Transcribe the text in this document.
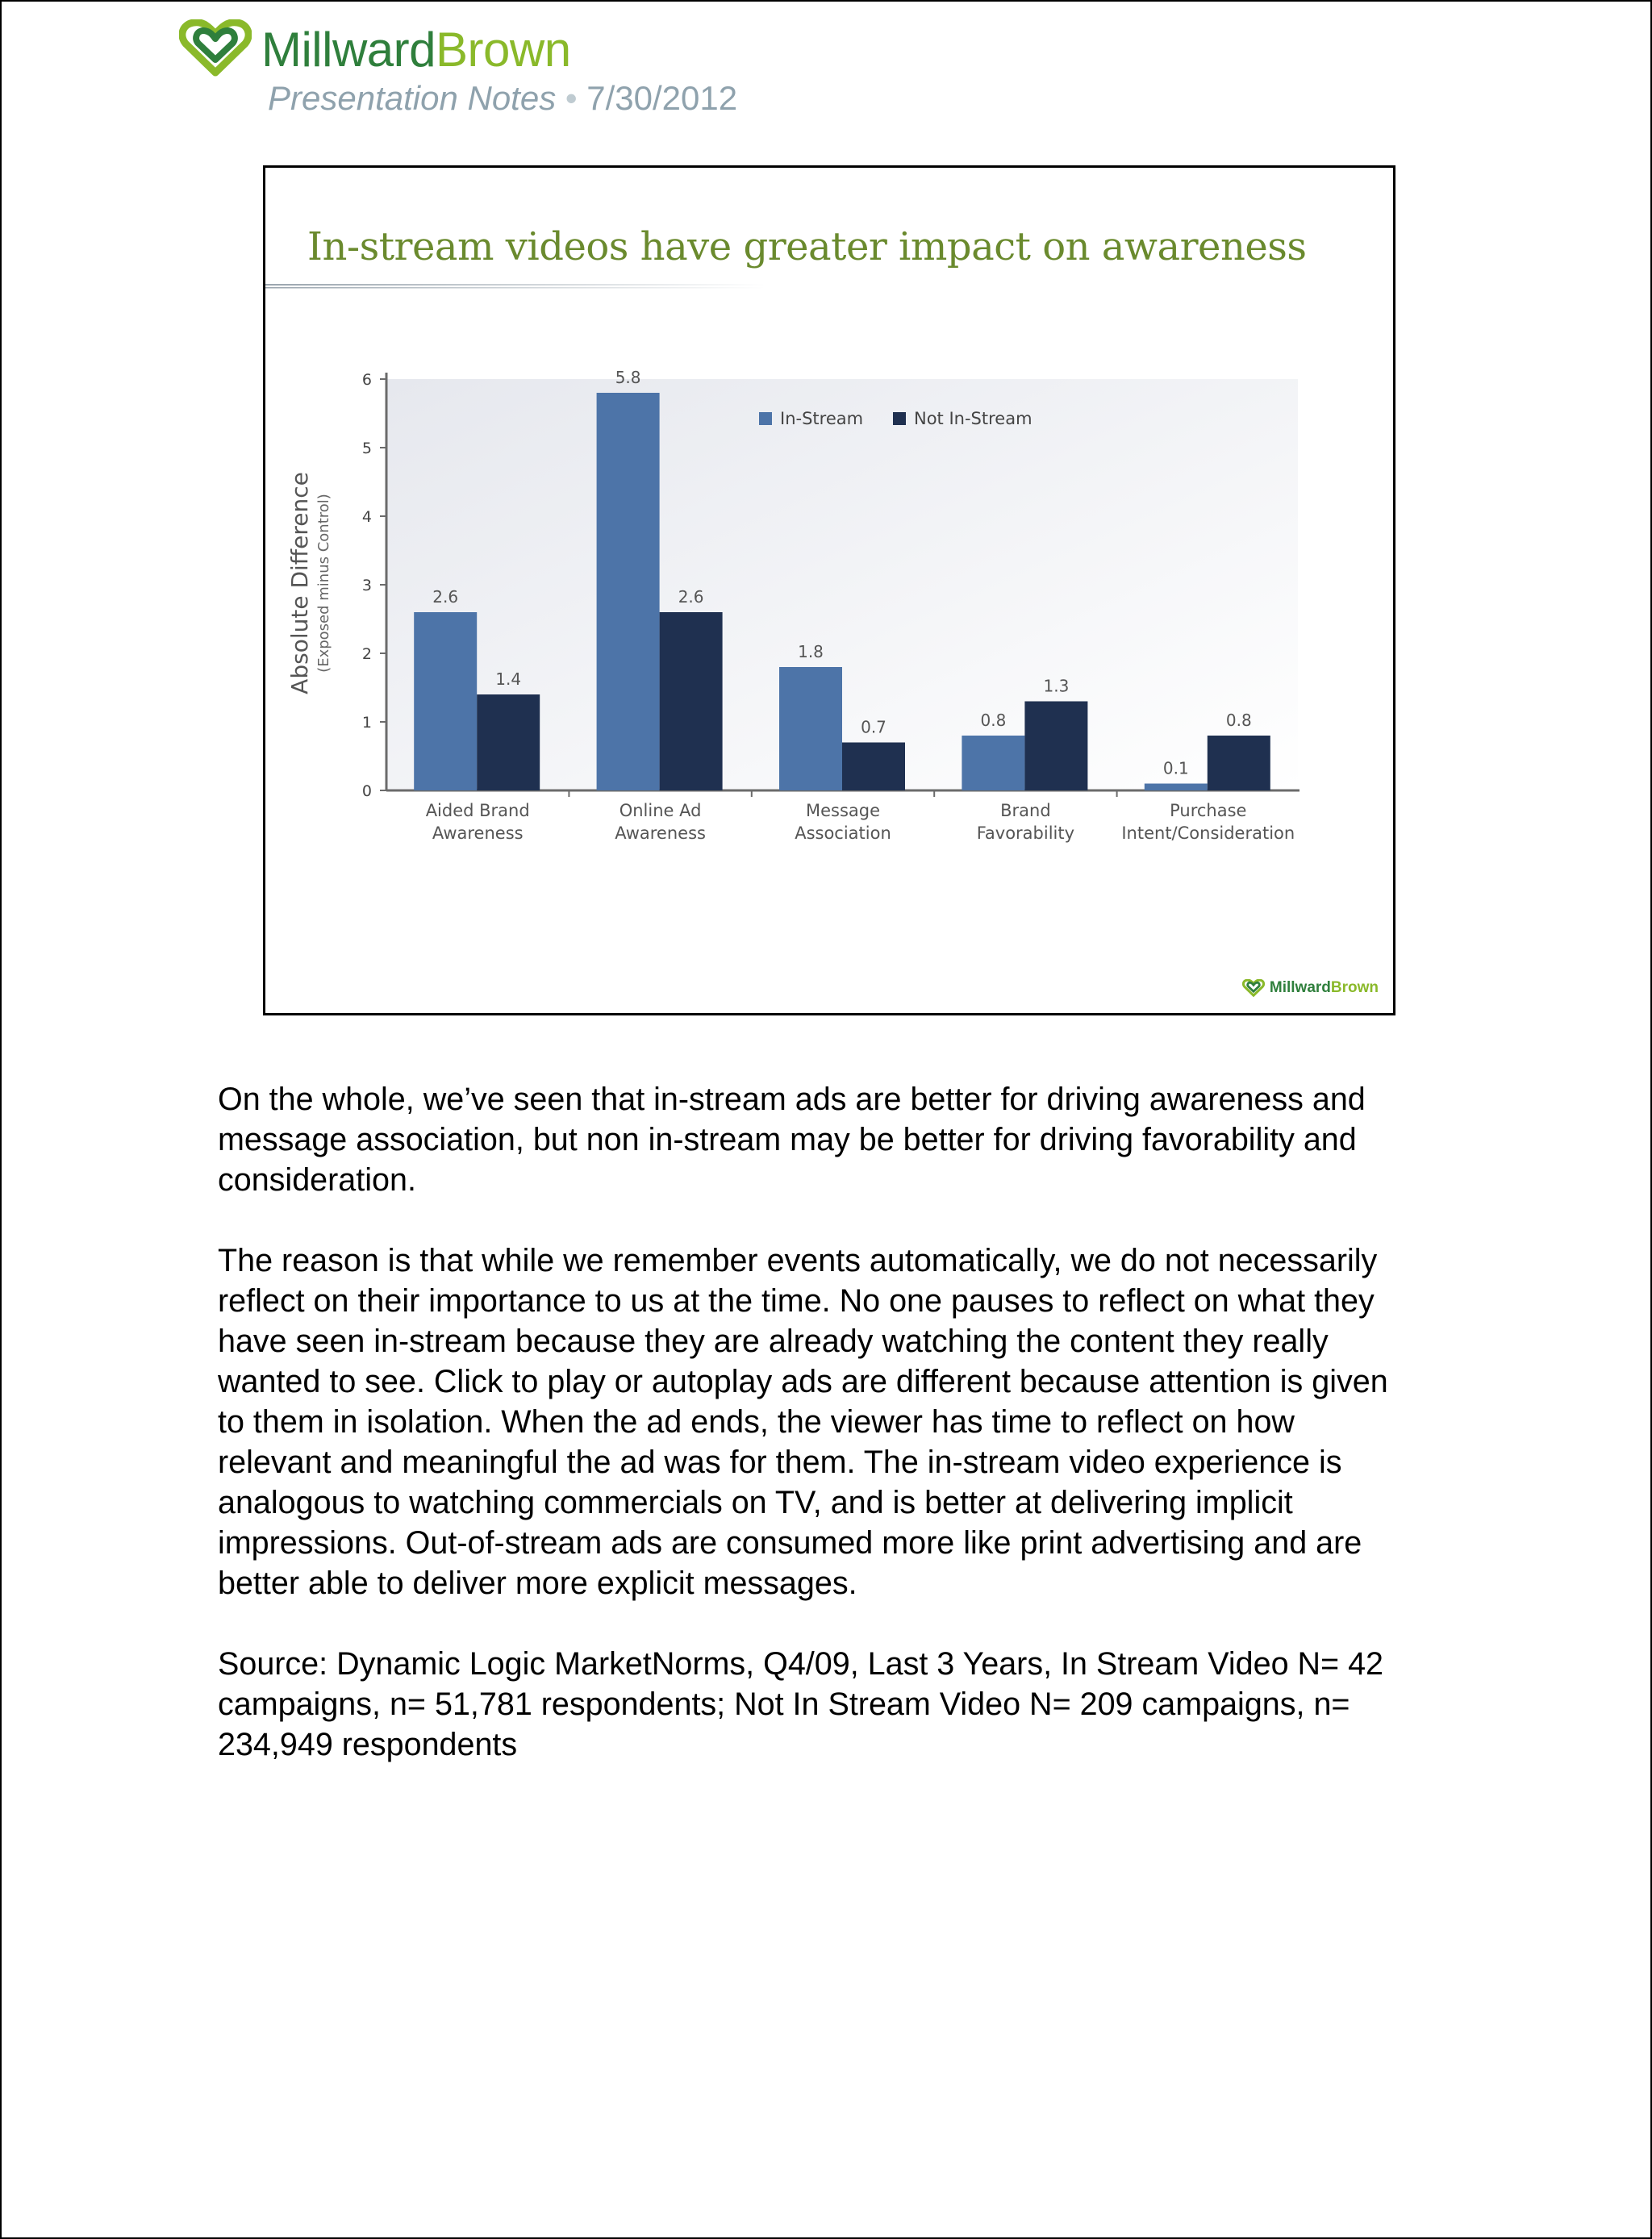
MillwardBrown
Presentation Notes • 7/30/2012
In-stream videos have greater impact on awareness
0
1
2
3
4
5
6
Absolute Difference (Exposed minus Control)	2.6
1.4
Aided Brand
Awareness
5.8
2.6
Online Ad
Awareness
1.8
0.7
Message
Association
0.8
1.3
Brand
Favorability
0.1
0.8
Purchase
Intent/Consideration
In-Stream	Not In-Stream
MillwardBrown

On the whole, we’ve seen that in-stream ads are better for driving awareness and message association, but non in-stream may be better for driving favorability and consideration.

The reason is that while we remember events automatically, we do not necessarily reflect on their importance to us at the time. No one pauses to reflect on what they have seen in-stream because they are already watching the content they really wanted to see. Click to play or autoplay ads are different because attention is given to them in isolation. When the ad ends, the viewer has time to reflect on how relevant and meaningful the ad was for them. The in-stream video experience is analogous to watching commercials on TV, and is better at delivering implicit impressions. Out-of-stream ads are consumed more like print advertising and are better able to deliver more explicit messages.

Source: Dynamic Logic MarketNorms, Q4/09, Last 3 Years, In Stream Video N= 42 campaigns, n= 51,781 respondents; Not In Stream Video N= 209 campaigns, n= 234,949 respondents
